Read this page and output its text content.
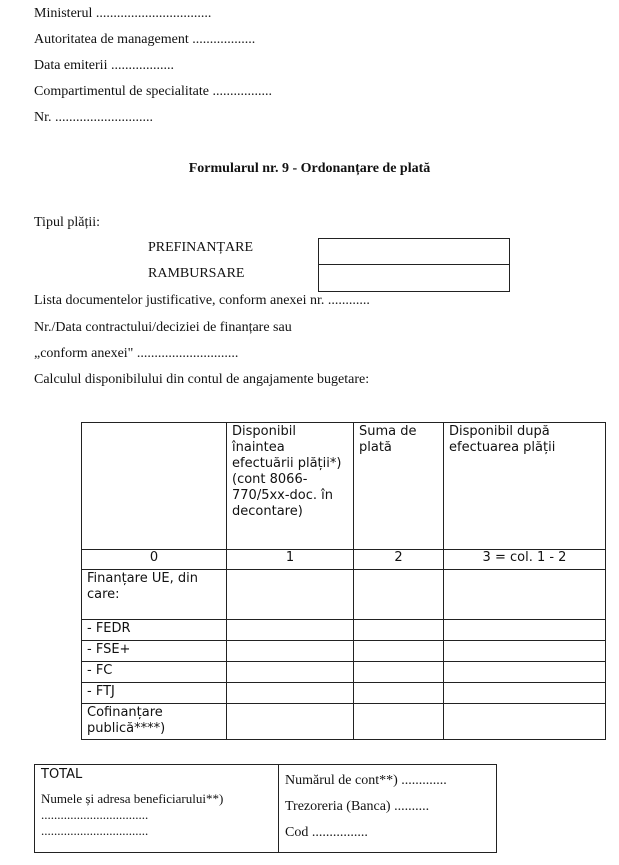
Ministerul .................................
Autoritatea de management ..................
Data emiterii ..................
Compartimentul de specialitate .................
Nr. ............................
Formularul nr. 9 - Ordonanțare de plată
Tipul plății:
PREFINANȚARE
RAMBURSARE
Lista documentelor justificative, conform anexei nr. ............
Nr./Data contractului/deciziei de finanțare sau
„conform anexei" .............................
Calculul disponibilului din contul de angajamente bugetare:
	Disponibil înaintea efectuării plății*) (cont 8066-770/5xx-doc. în decontare)	Suma de plată	Disponibil după efectuarea plății
0	1	2	3 = col. 1 - 2
Finanțare UE, din care:			
- FEDR			
- FSE+			
- FC			
- FTJ			
Cofinanțare publică****)			
TOTAL
Numele și adresa beneficiarului**)
.................................
.................................

Numărul de cont**) .............
Trezoreria (Banca) ..........
Cod ................
